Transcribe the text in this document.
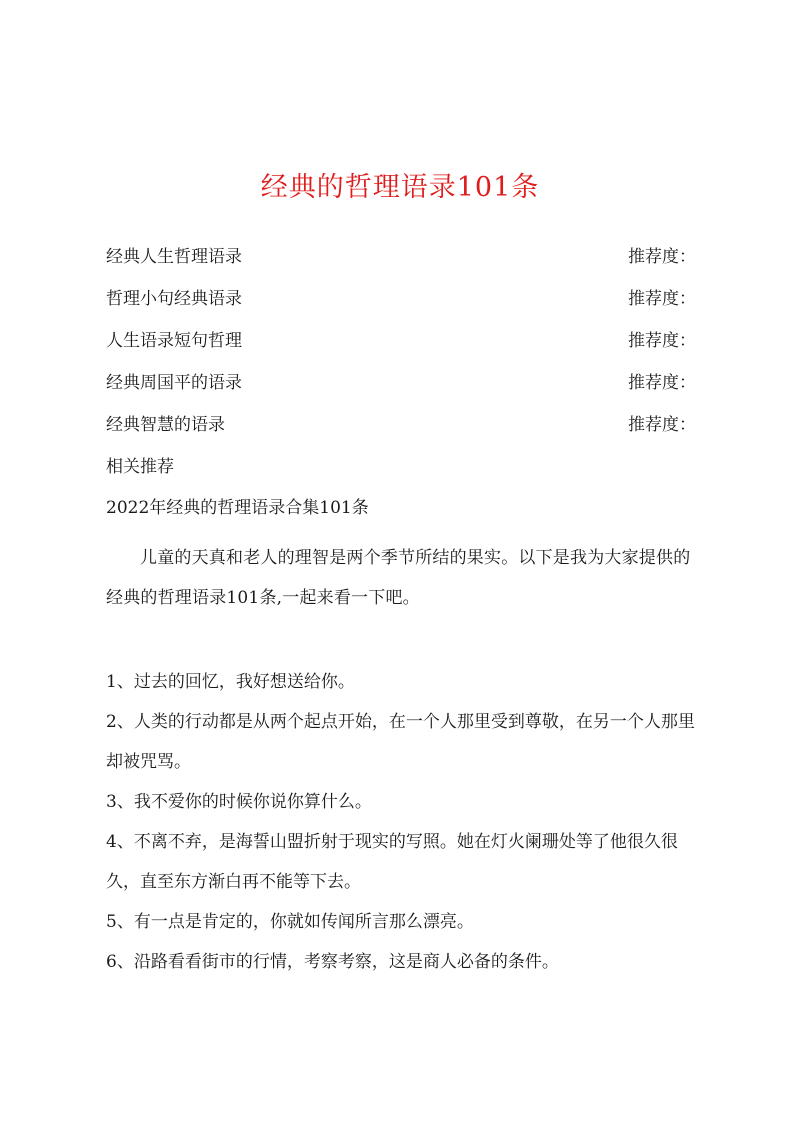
经典的哲理语录101条
经典人生哲理语录	推荐度：
哲理小句经典语录	推荐度：
人生语录短句哲理	推荐度：
经典周国平的语录	推荐度：
经典智慧的语录	推荐度：

相关推荐

2022年经典的哲理语录合集101条

儿童的天真和老人的理智是两个季节所结的果实。以下是我为大家提供的经典的哲理语录101条,一起来看一下吧。

1、过去的回忆，我好想送给你。
2、人类的行动都是从两个起点开始，在一个人那里受到尊敬，在另一个人那里却被咒骂。
3、我不爱你的时候你说你算什么。
4、不离不弃，是海誓山盟折射于现实的写照。她在灯火阑珊处等了他很久很久，直至东方渐白再不能等下去。
5、有一点是肯定的，你就如传闻所言那么漂亮。
6、沿路看看街市的行情，考察考察，这是商人必备的条件。
